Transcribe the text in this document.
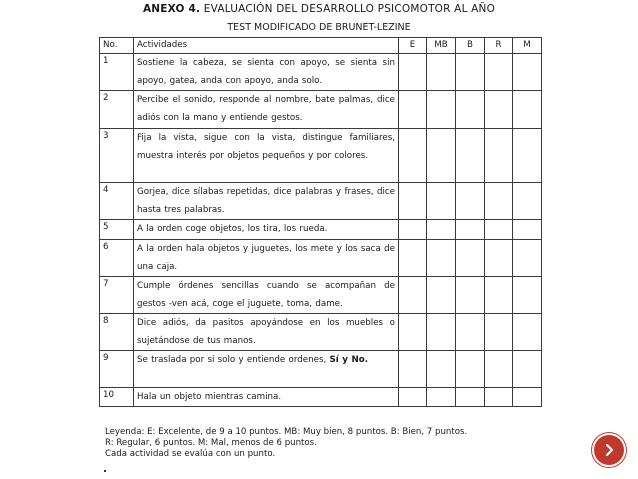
ANEXO 4. EVALUACIÓN DEL DESARROLLO PSICOMOTOR AL AÑO
TEST MODIFICADO DE BRUNET-LEZINE
No.	Actividades	E	MB	B	R	M
1	Sostiene la cabeza, se sienta con apoyo, se sienta sin apoyo, gatea, anda con apoyo, anda solo.					
2	Percibe el sonido, responde al nombre, bate palmas, dice adiós con la mano y entiende gestos.					
3	Fija la vista, sigue con la vista, distingue familiares, muestra interés por objetos pequeños y por colores.					
4	Gorjea, dice sílabas repetidas, dice palabras y frases, dice hasta tres palabras.					
5	A la orden coge objetos, los tira, los rueda.					
6	A la orden hala objetos y juguetes, los mete y los saca de una caja.					
7	Cumple órdenes sencillas cuando se acompañan de gestos -ven acá, coge el juguete, toma, dame.					
8	Dice adiós, da pasitos apoyándose en los muebles o sujetándose de tus manos.					
9	Se traslada por si solo y entiende ordenes, Sí y No.					
10	Hala un objeto mientras camina.					
Leyenda: E: Excelente, de 9 a 10 puntos. MB: Muy bien, 8 puntos. B: Bien, 7 puntos.
R: Regular, 6 puntos. M: Mal, menos de 6 puntos.
Cada actividad se evalúa con un punto.
